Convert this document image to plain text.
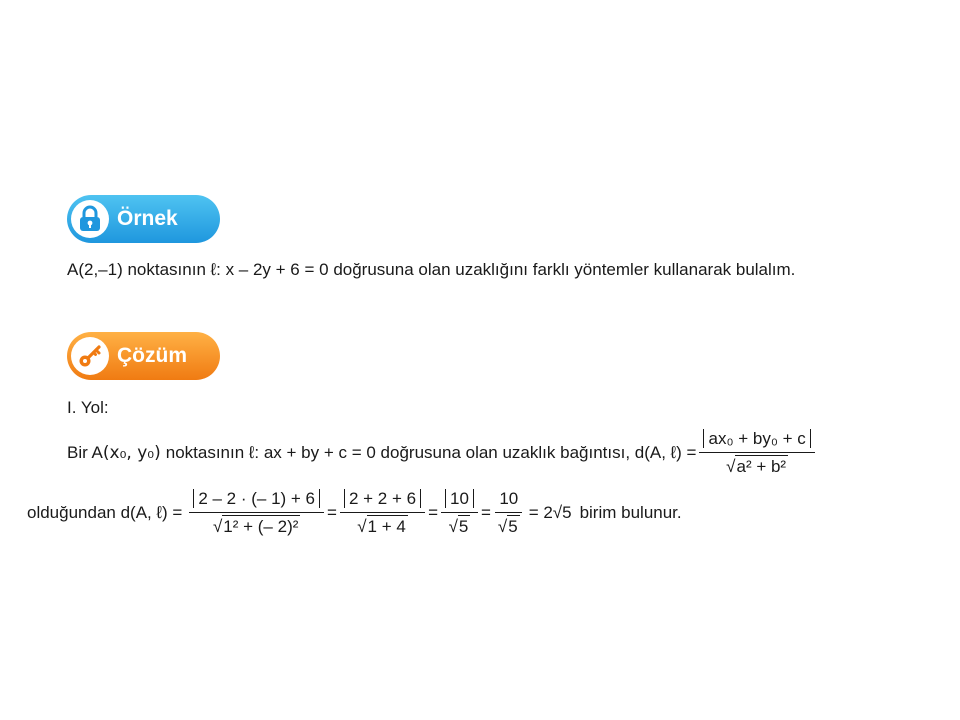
Örnek
A(2,–1) noktasının ℓ: x – 2y + 6 = 0 doğrusuna olan uzaklığını farklı yöntemler kullanarak bulalım.
Çözüm
I. Yol:
Bir A (x₀, y₀) noktasının ℓ: ax + by + c = 0 doğrusuna olan uzaklık bağıntısı, d(A, ℓ) = $\frac{\text{ax₀ + by₀ + c}}{\text{√ a² + b²}}$
olduğundan d(A, ℓ) = $\frac{2 - 2 \cdot (- 1) + 6}{\text{√ 1² + (– 2)²}} = \frac{2 + 2 + 6}{√ 1 + 4} = \frac{10}{√ 5} = \frac{10}{√ 5} = 2√5$ birim bulunur.
